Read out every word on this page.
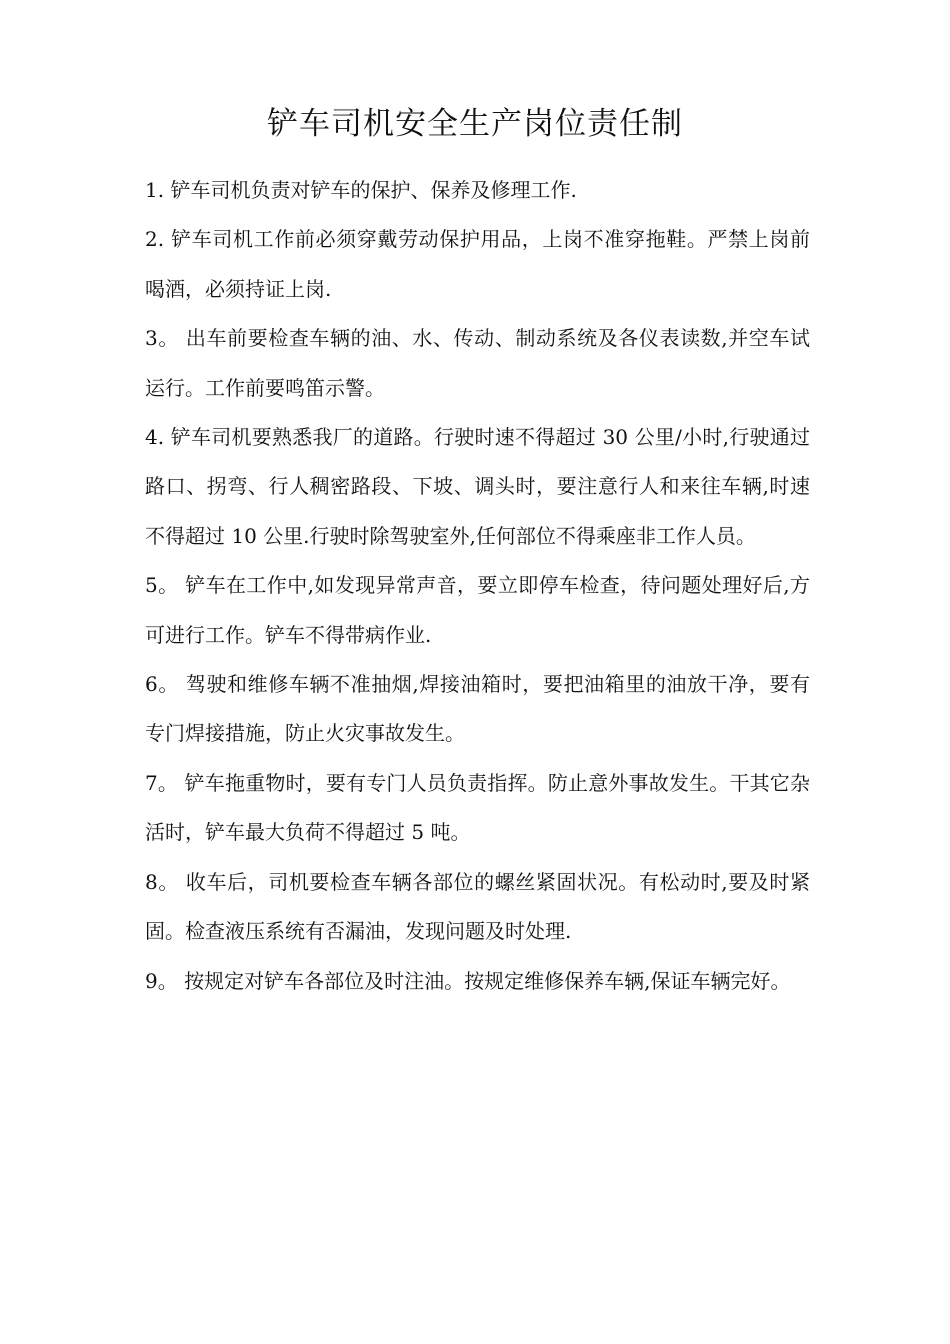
铲车司机安全生产岗位责任制

1. 铲车司机负责对铲车的保护、保养及修理工作.

2. 铲车司机工作前必须穿戴劳动保护用品，上岗不准穿拖鞋。严禁上岗前喝酒，必须持证上岗.

3。 出车前要检查车辆的油、水、传动、制动系统及各仪表读数,并空车试运行。工作前要鸣笛示警。

4. 铲车司机要熟悉我厂的道路。行驶时速不得超过 30 公里/小时,行驶通过路口、拐弯、行人稠密路段、下坡、调头时，要注意行人和来往车辆,时速不得超过 10 公里.行驶时除驾驶室外,任何部位不得乘座非工作人员。

5。 铲车在工作中,如发现异常声音，要立即停车检查，待问题处理好后,方可进行工作。铲车不得带病作业.

6。 驾驶和维修车辆不准抽烟,焊接油箱时，要把油箱里的油放干净，要有专门焊接措施，防止火灾事故发生。

7。 铲车拖重物时，要有专门人员负责指挥。防止意外事故发生。干其它杂活时，铲车最大负荷不得超过 5 吨。

8。 收车后，司机要检查车辆各部位的螺丝紧固状况。有松动时,要及时紧固。检查液压系统有否漏油，发现问题及时处理.

9。 按规定对铲车各部位及时注油。按规定维修保养车辆,保证车辆完好。
